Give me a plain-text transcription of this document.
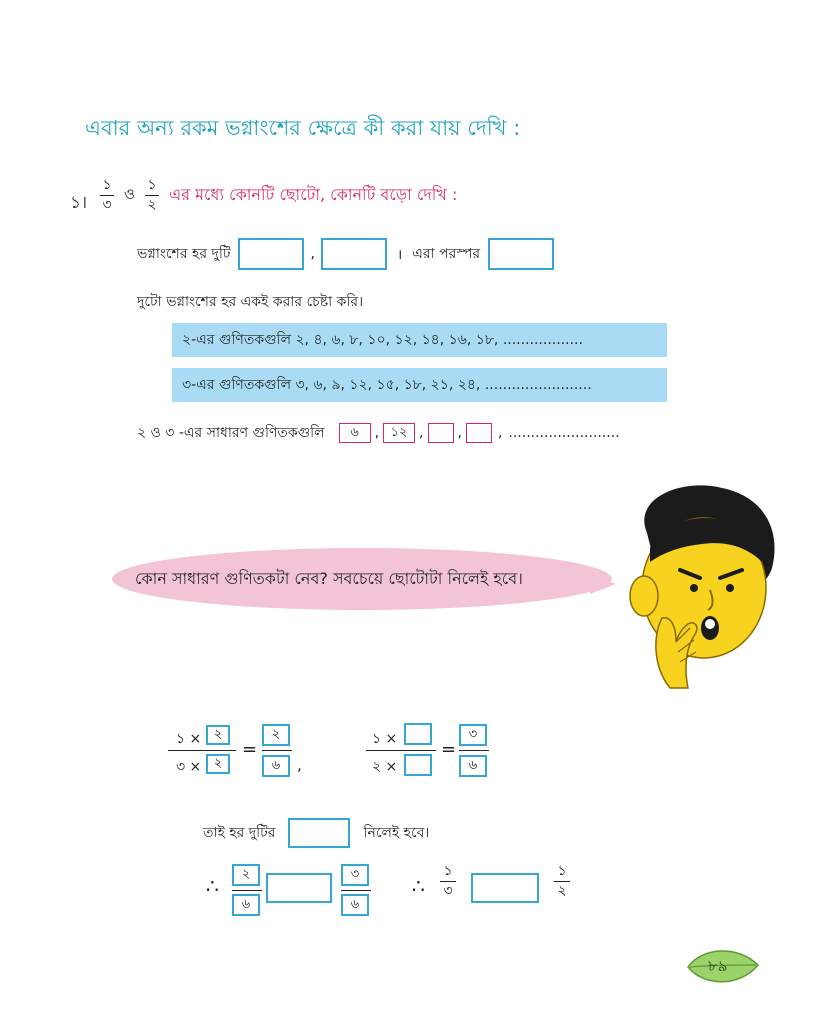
এবার অন্য রকম ভগ্নাংশের ক্ষেত্রে কী করা যায় দেখি :
১। $\frac{১}{৩}$ ও $\frac{১}{২}$ এর মধ্যে কোনটি ছোটো, কোনটি বড়ো দেখি :
ভগ্নাংশের হর দুটি	,	। এরা পরস্পর
দুটো ভগ্নাংশের হর একই করার চেষ্টা করি।
২-এর গুণিতকগুলি ২, ৪, ৬, ৮, ১০, ১২, ১৪, ১৬, ১৮, ..................
৩-এর গুণিতকগুলি ৩, ৬, ৯, ১২, ১৫, ১৮, ২১, ২৪, ........................
২ ও ৩ -এর সাধারণ গুণিতকগুলি	৬	, ১২ , ,	, .........................
কোন সাধারণ গুণিতকটা নেব? সবচেয়ে ছোটোটা নিলেই হবে।
১ × ২
৩ × ২
=
২
৬	,
১ ×
২ ×
=
৩
৬
তাই হর দুটির	নিলেই হবে।
∴	২
৬
৩
৬
∴
১
৩
১
২
৮৯
